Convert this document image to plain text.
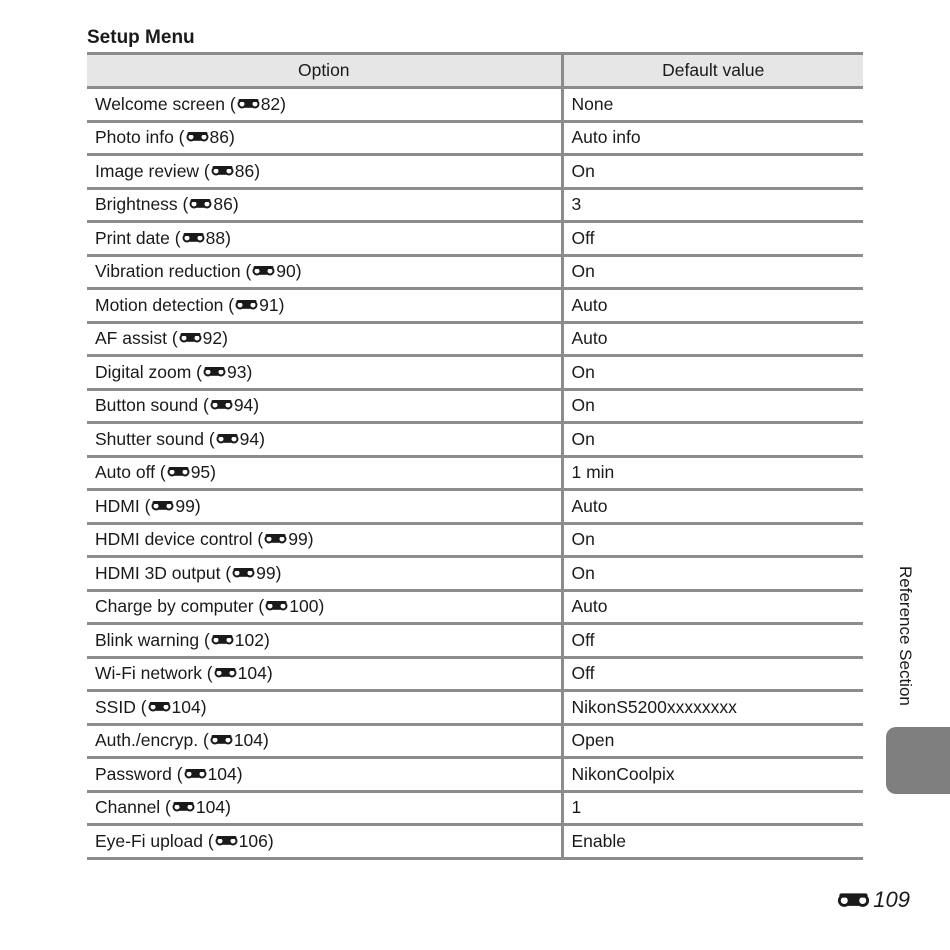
Setup Menu
Option	Default value
Welcome screen ( 82)	None
Photo info ( 86)	Auto info
Image review ( 86)	On
Brightness ( 86)	3
Print date ( 88)	Off
Vibration reduction ( 90)	On
Motion detection ( 91)	Auto
AF assist ( 92)	Auto
Digital zoom ( 93)	On
Button sound ( 94)	On
Shutter sound ( 94)	On
Auto off ( 95)	1 min
HDMI ( 99)	Auto
HDMI device control ( 99)	On
HDMI 3D output ( 99)	On
Charge by computer ( 100)	Auto
Blink warning ( 102)	Off
Wi-Fi network ( 104)	Off
SSID ( 104)	NikonS5200xxxxxxxx
Auth./encryp. ( 104)	Open
Password ( 104)	NikonCoolpix
Channel ( 104)	1
Eye-Fi upload ( 106)	Enable
Reference Section
109
